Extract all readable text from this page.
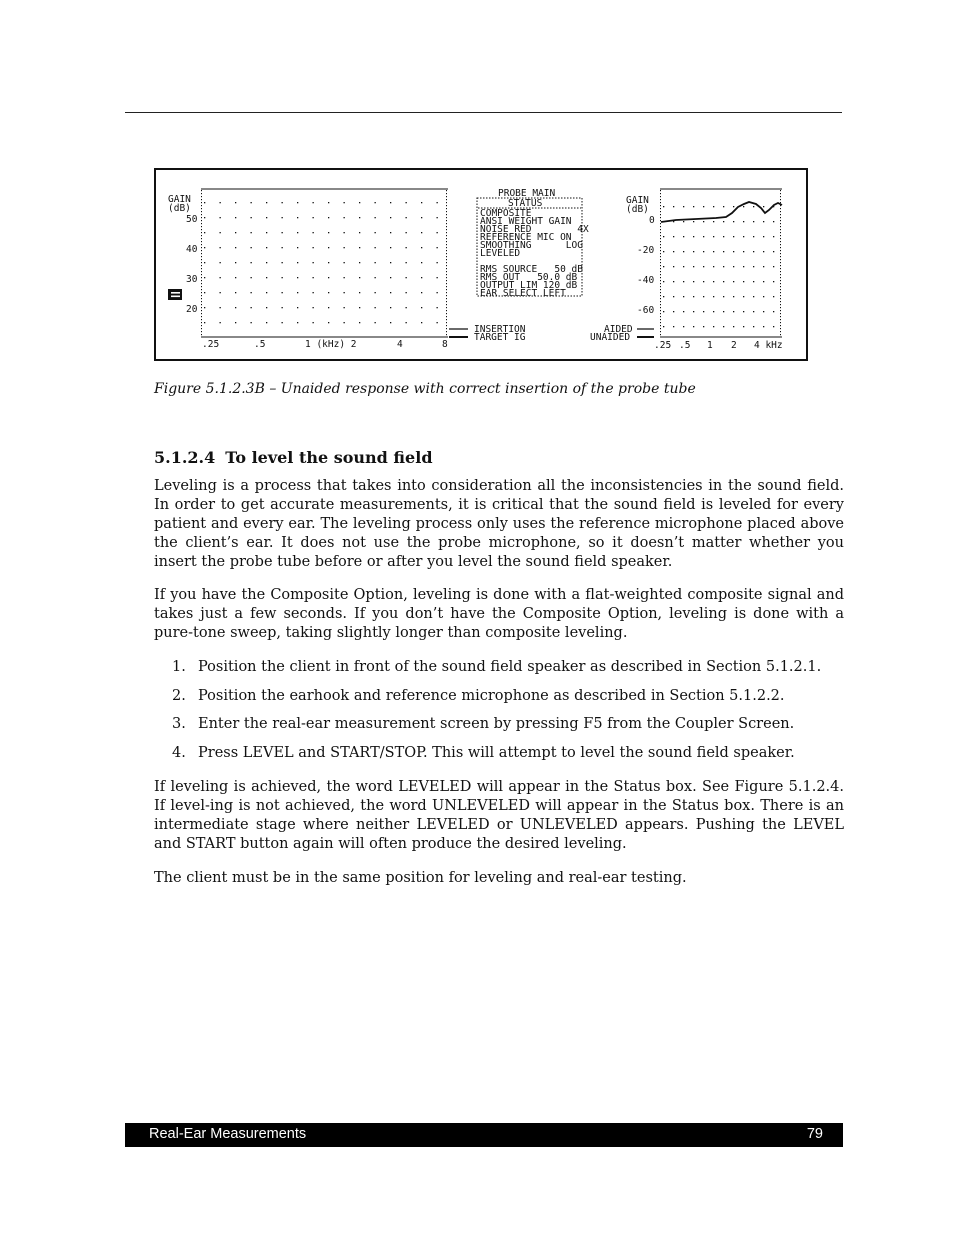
GAIN
(dB)
50
40
30
20
.25	.5	1 (kHz) 2	4	8
PROBE MAIN
STATUS
COMPOSITE
ANSI WEIGHT GAIN
NOISE RED        4X
REFERENCE MIC ON
SMOOTHING      LOG
LEVELED
RMS SOURCE   50 dB
RMS OUT   50.0 dB
OUTPUT LIM 120 dB
EAR SELECT LEFT
INSERTION
TARGET IG
AIDED
UNAIDED
GAIN
(dB)
0
-20
-40
-60
.25 .5 1 2 4 kHz
Figure 5.1.2.3B – Unaided response with correct insertion of the probe tube
5.1.2.4 To level the sound field

Leveling is a process that takes into consideration all the inconsistencies in the sound field. In order to get accurate measurements, it is critical that the sound field is leveled for every patient and every ear. The leveling process only uses the reference microphone placed above the client’s ear. It does not use the probe microphone, so it doesn’t matter whether you insert the probe tube before or after you level the sound field speaker.

If you have the Composite Option, leveling is done with a flat-weighted composite signal and takes just a few seconds. If you don’t have the Composite Option, leveling is done with a pure-tone sweep, taking slightly longer than composite leveling.

1. Position the client in front of the sound field speaker as described in Section 5.1.2.1.
2. Position the earhook and reference microphone as described in Section 5.1.2.2.
3. Enter the real-ear measurement screen by pressing F5 from the Coupler Screen.
4. Press LEVEL and START/STOP. This will attempt to level the sound field speaker.

If leveling is achieved, the word LEVELED will appear in the Status box. See Figure 5.1.2.4. If level-ing is not achieved, the word UNLEVELED will appear in the Status box. There is an intermediate stage where neither LEVELED or UNLEVELED appears. Pushing the LEVEL and START button again will often produce the desired leveling.

The client must be in the same position for leveling and real-ear testing.

Real-Ear Measurements	79
